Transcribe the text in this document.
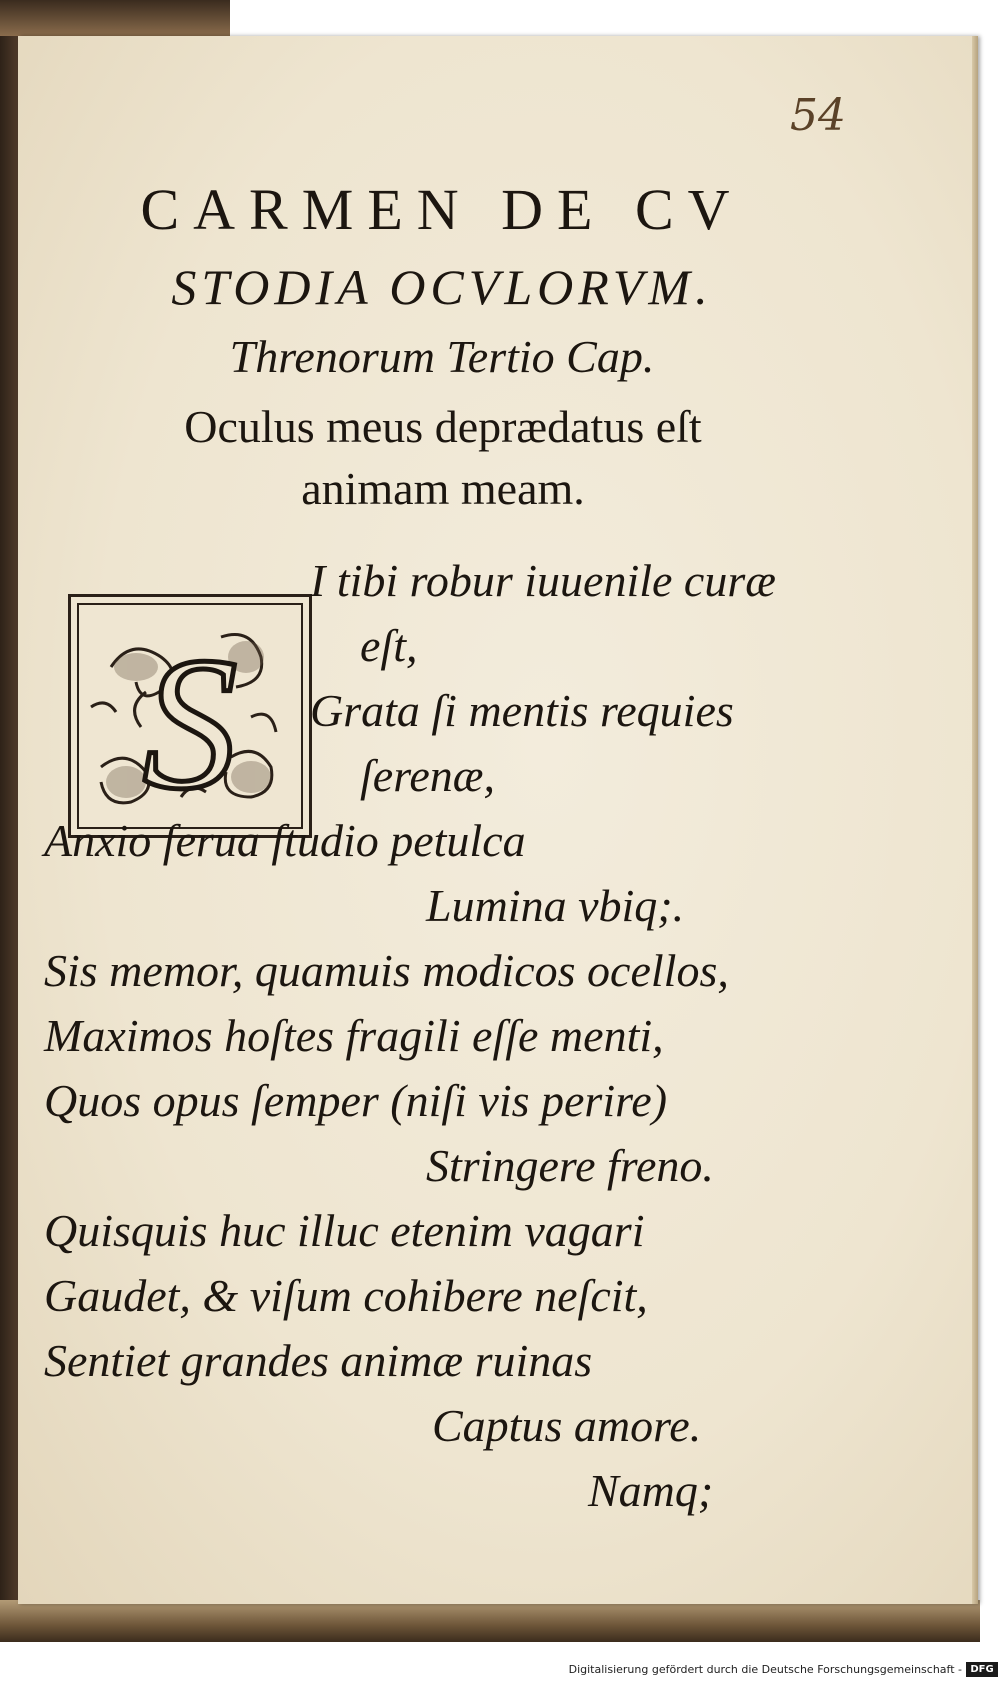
54
CARMEN DE CV
STODIA OCVLORVM.
Threnorum Tertio Cap.
Oculus meus deprædatus eſt
animam meam.
S
I tibi robur iuuenile curæ
eſt,
Grata ſi mentis requies
ſerenæ,
Anxio ſerua ſtudio petulca
Lumina vbiq;.
Sis memor, quamuis modicos ocellos,
Maximos hoſtes fragili eſſe menti,
Quos opus ſemper (niſi vis perire)
Stringere freno.
Quisquis huc illuc etenim vagari
Gaudet, & viſum cohibere neſcit,
Sentiet grandes animæ ruinas
Captus amore.
Namq;
Digitalisierung gefördert durch die Deutsche Forschungsgemeinschaft - DFG
